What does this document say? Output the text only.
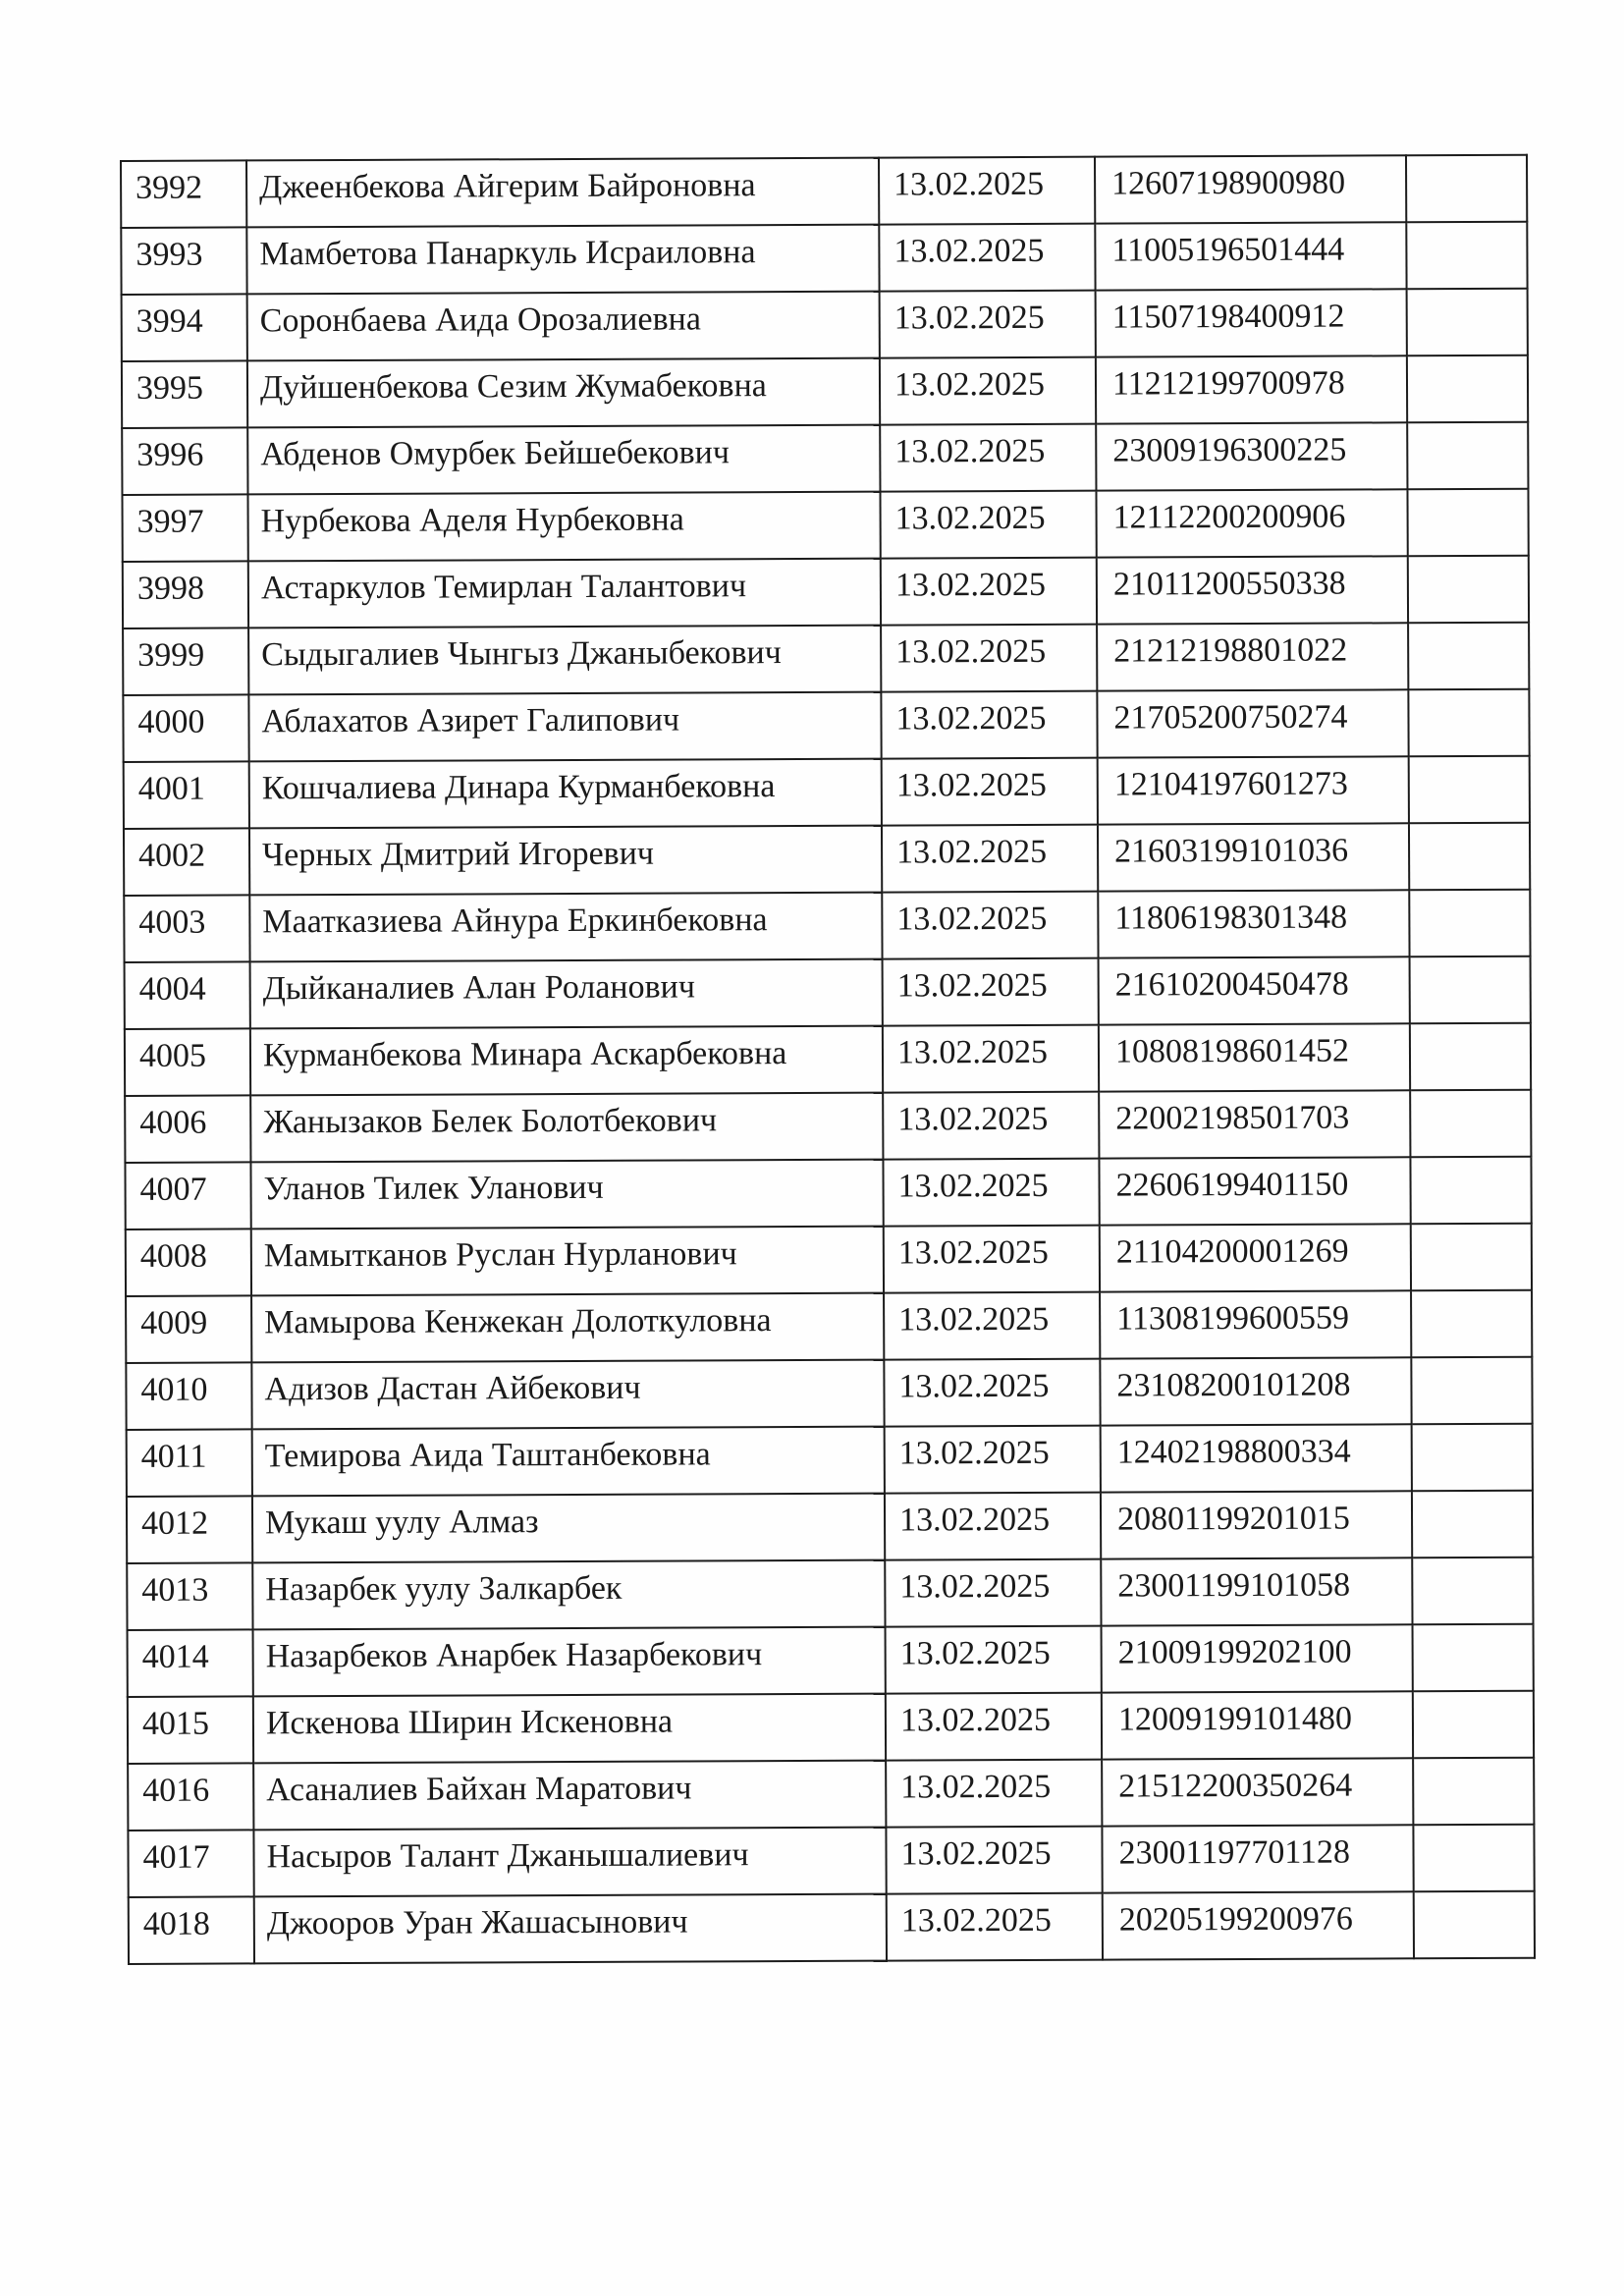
3992	Джеенбекова Айгерим Байроновна	13.02.2025	12607198900980	
3993	Мамбетова Панаркуль Исраиловна	13.02.2025	11005196501444	
3994	Соронбаева Аида Орозалиевна	13.02.2025	11507198400912	
3995	Дуйшенбекова Сезим Жумабековна	13.02.2025	11212199700978	
3996	Абденов Омурбек Бейшебекович	13.02.2025	23009196300225	
3997	Нурбекова Аделя Нурбековна	13.02.2025	12112200200906	
3998	Астаркулов Темирлан Талантович	13.02.2025	21011200550338	
3999	Сыдыгалиев Чынгыз Джаныбекович	13.02.2025	21212198801022	
4000	Аблахатов Азирет Галипович	13.02.2025	21705200750274	
4001	Кошчалиева Динара Курманбековна	13.02.2025	12104197601273	
4002	Черных Дмитрий Игоревич	13.02.2025	21603199101036	
4003	Мааткaзиева Айнура Еркинбековна	13.02.2025	11806198301348	
4004	Дыйканалиев Алан Роланович	13.02.2025	21610200450478	
4005	Курманбекова Минара Аскарбековна	13.02.2025	10808198601452	
4006	Жанызаков Белек Болотбекович	13.02.2025	22002198501703	
4007	Уланов Тилек Уланович	13.02.2025	22606199401150	
4008	Мамытканов Руслан Нурланович	13.02.2025	21104200001269	
4009	Мамырова Кенжекан Долоткуловна	13.02.2025	11308199600559	
4010	Адизов Дастан Айбекович	13.02.2025	23108200101208	
4011	Темирова Аида Таштанбековна	13.02.2025	12402198800334	
4012	Мукаш уулу Алмаз	13.02.2025	20801199201015	
4013	Назарбек уулу Залкарбек	13.02.2025	23001199101058	
4014	Назарбеков Анарбек Назарбекович	13.02.2025	21009199202100	
4015	Искенова Ширин Искеновна	13.02.2025	12009199101480	
4016	Асаналиев Байхан Маратович	13.02.2025	21512200350264	
4017	Насыров Талант Джанышалиевич	13.02.2025	23001197701128	
4018	Джооров Уран Жашасынович	13.02.2025	20205199200976	
